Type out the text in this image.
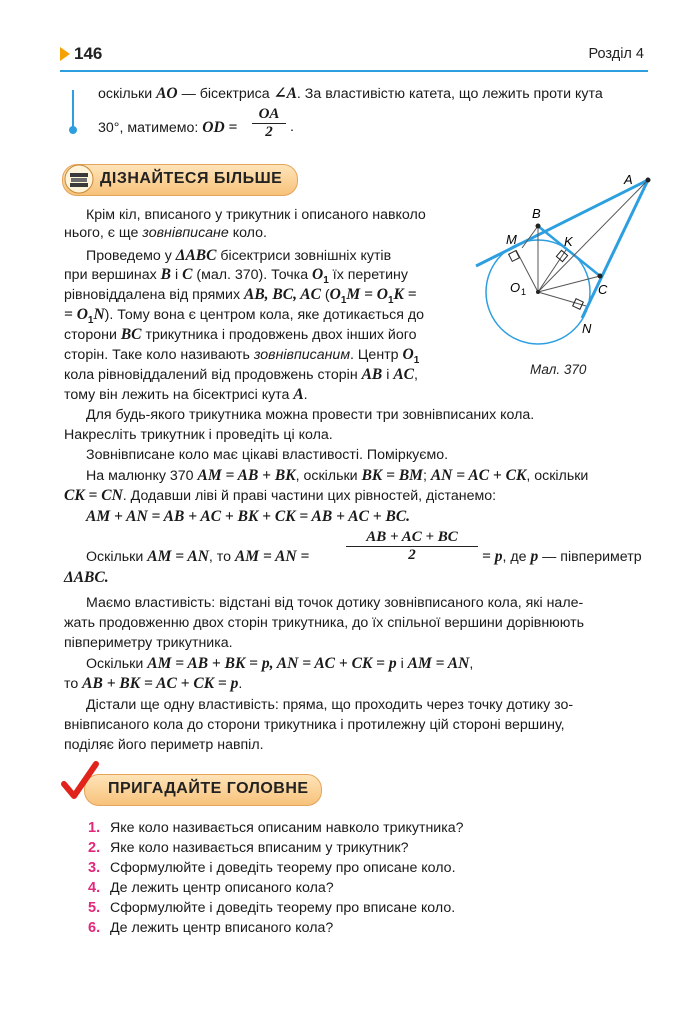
146	Розділ 4
оскільки AO — бісектриса ∠A. За властивістю катета, що лежить проти кута
30°, матимемо: OD = $\frac{OA}{2}$ .
ДІЗНАЙТЕСЯ БІЛЬШЕ
Крім кіл, вписаного у трикутник і описаного навколо
нього, є ще зовнівписане коло.
Проведемо у ΔABC бісектриси зовнішніх кутів
при вершинах B і C (мал. 370). Точка $O_1$ їх перетину
рівновіддалена від прямих AB, BC, AC ($O_1M = O_1K$ =
= $O_1N$). Тому вона є центром кола, яке дотикається до
сторони BC трикутника і продовжень двох інших його
сторін. Таке коло називають зовнівписаним. Центр $O_1$
кола рівновіддалений від продовжень сторін AB і AC,
тому він лежить на бісектрисі кута A.
A
B
K
M
O 1	C
N
Мал. 370
Для будь-якого трикутника можна провести три зовнівписаних кола.
Накресліть трикутник і проведіть ці кола.
Зовнівписане коло має цікаві властивості. Поміркуємо.
На малюнку 370 AM = AB + BK, оскільки BK = BM; AN = AC + CK, оскільки
CK = CN. Додавши ліві й праві частини цих рівностей, дістанемо:
AM + AN = AB + AC + BK + CK = AB + AC + BC.
Оскільки AM = AN, то AM = AN = $\frac{AB + AC + BC}{2} = p$, де p — півпериметр
ΔABC.
Маємо властивість: відстані від точок дотику зовнівписаного кола, які нале-
жать продовженню двох сторін трикутника, до їх спільної вершини дорівнюють
півпериметру трикутника.
Оскільки AM = AB + BK = p, AN = AC + CK = p і AM = AN,
то AB + BK = AC + CK = p.
Дістали ще одну властивість: пряма, що проходить через точку дотику зо-
внівписаного кола до сторони трикутника і протилежну цій стороні вершину,
поділяє його периметр навпіл.
ПРИГАДАЙТЕ ГОЛОВНЕ
1. Яке коло називається описаним навколо трикутника?
2. Яке коло називається вписаним у трикутник?
3. Сформулюйте і доведіть теорему про описане коло.
4. Де лежить центр описаного кола?
5. Сформулюйте і доведіть теорему про вписане коло.
6. Де лежить центр вписаного кола?
